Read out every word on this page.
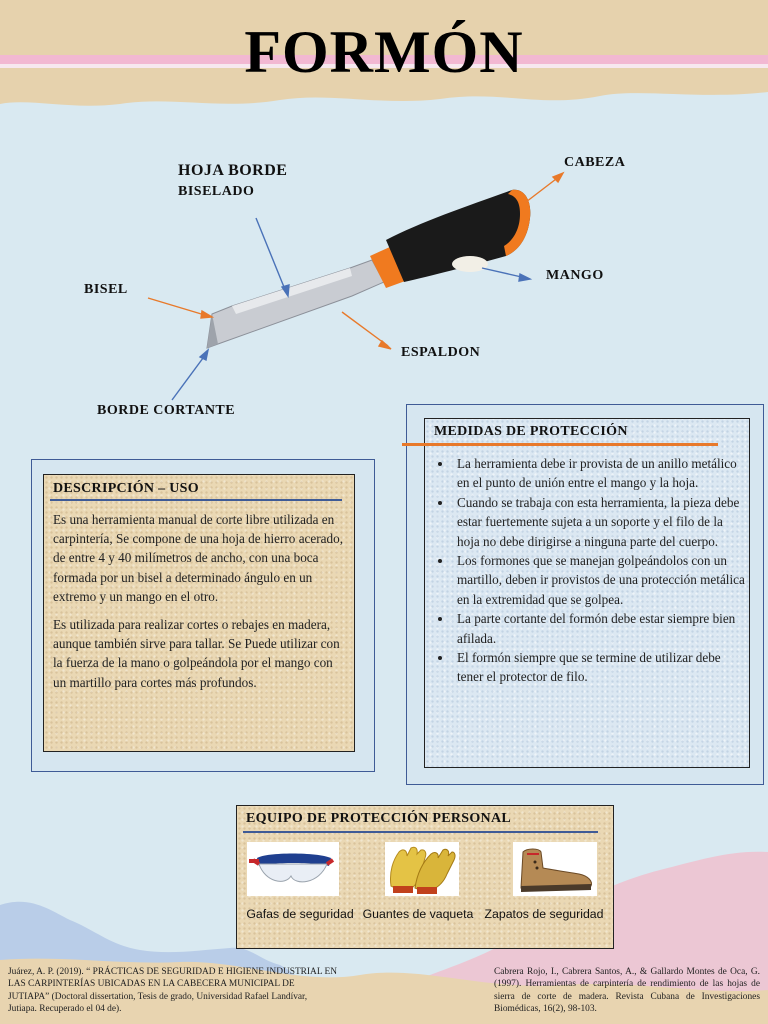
FORMÓN
HOJA BORDE
BISELADO
CABEZA
MANGO
BISEL
ESPALDON
BORDE CORTANTE
DESCRIPCIÓN – USO

Es una herramienta manual de corte libre utilizada en carpintería, Se compone de una hoja de hierro acerado, de entre 4 y 40 milímetros de ancho, con una boca formada por un bisel a determinado ángulo en un extremo y un mango en el otro.

Es utilizada para realizar cortes o rebajes en madera, aunque también sirve para tallar. Se Puede utilizar con la fuerza de la mano o golpeándola por el mango con un martillo para cortes más profundos.

MEDIDAS DE PROTECCIÓN
• La herramienta debe ir provista de un anillo metálico en el punto de unión entre el mango y la hoja.
• Cuando se trabaja con esta herramienta, la pieza debe estar fuertemente sujeta a un soporte y el filo de la hoja no debe dirigirse a ninguna parte del cuerpo.
• Los formones que se manejan golpeándolos con un martillo, deben ir provistos de una protección metálica en la extremidad que se golpea.
• La parte cortante del formón debe estar siempre bien afilada.
• El formón siempre que se termine de utilizar debe tener el protector de filo.
EQUIPO DE PROTECCIÓN PERSONAL
Gafas de seguridad Guantes de vaqueta Zapatos de seguridad
Juárez, A. P. (2019). “ PRÁCTICAS DE SEGURIDAD E HIGIENE INDUSTRIAL EN LAS CARPINTERÍAS UBICADAS EN LA CABECERA MUNICIPAL DE JUTIAPA” (Doctoral dissertation, Tesis de grado, Universidad Rafael Landívar, Jutiapa. Recuperado el 04 de).
Cabrera Rojo, I., Cabrera Santos, A., & Gallardo Montes de Oca, G. (1997). Herramientas de carpintería de rendimiento de las hojas de sierra de corte de madera. Revista Cubana de Investigaciones Biomédicas, 16(2), 98-103.
